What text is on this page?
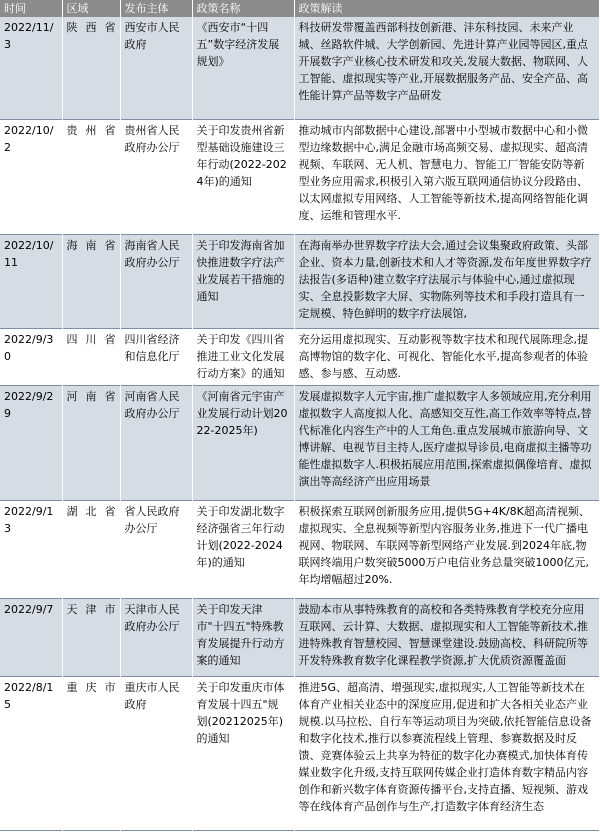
时间	区域	发布主体	政策名称	政策解读
2022/11/3	陕西省	西安市人民政府	《西安市“十四五”数字经济发展规划》	科技研发带覆盖西部科技创新港、沣东科技园、未来产业城、丝路软件城、大学创新园、先进计算产业园等园区,重点开展数字产业核心技术研发和攻关,发展大数据、物联网、人工智能、虚拟现实等产业,开展数据服务产品、安全产品、高性能计算产品等数字产品研发
2022/10/2	贵州省	贵州省人民政府办公厅	关于印发贵州省新型基础设施建设三年行动(2022-2024年)的通知	推动城市内部数据中心建设,部署中小型城市数据中心和小微型边缘数据中心,满足金融市场高频交易、虚拟现实、超高清视频、车联网、无人机、智慧电力、智能工厂智能安防等新型业务应用需求,积极引入第六版互联网通信协议分段路由、以太网虚拟专用网络、人工智能等新技术,提高网络智能化调度、运维和管理水平.
2022/10/11	海南省	海南省人民政府办公厅	关于印发海南省加快推进数字疗法产业发展若干措施的通知	在海南举办世界数字疗法大会,通过会议集聚政府政策、头部企业、资本力量,创新技术和人才等资源,发布年度世界数字疗法报告(多语种)建立数字疗法展示与体验中心,通过虚拟现实、全息投影数字大屏、实物陈列等技术和手段打造具有一定规模、特色鲜明的数字疗法展馆,
2022/9/30	四川省	四川省经济和信息化厅	关于印发《四川省推进工业文化发展行动方案》的通知	充分运用虚拟现实、互动影视等数字技术和现代展陈理念,提高博物馆的数字化、可视化、智能化水平,提高参观者的体验感、参与感、互动感.
2022/9/29	河南省	河南省人民政府办公厅	《河南省元宇宙产业发展行动计划2022-2025年)	发展虚拟数字人元宇宙,推广虚拟数字人多领域应用,充分利用虚拟数字人高度拟人化、高感知交互性,高工作效率等特点,替代标准化内容生产中的人工角色.重点发展城市旅游向导、文博讲解、电视节目主持人,医疗虚拟导诊员,电商虚拟主播等功能性虚拟数字人.积极拓展应用范围,探索虚拟偶像培育、虚拟演出等高经济产出应用场景
2022/9/13	湖北省	省人民政府办公厅	关于印发湖北数字经济强省三年行动计划(2022-2024年)的通知	积极探索互联网创新服务应用,提供5G+4K/8K超高清视频、虚拟现实、全息视频等新型内容服务业务,推进下一代广播电视网、物联网、车联网等新型网络产业发展.到2024年底,物联网终端用户数突破5000万户电信业务总量突破1000亿元,年均增幅超过20%.
2022/9/7	天津市	天津市人民政府办公厅	关于印发天津市"十四五"特殊教育发展提升行动方案的通知	鼓励本市从事特殊教育的高校和各类特殊教育学校充分应用互联网、云计算、大数据、虚拟现实和人工智能等新技术,推进特殊教育智慧校园、智慧课堂建设.鼓励高校、科研院所等开发特殊教育数字化课程教学资源,扩大优质资源覆盖面
2022/8/15	重庆市	重庆市人民政府	关于印发重庆市体育发展十四五"规划(20212025年)的通知	推进5G、超高清、增强现实,虚拟现实,人工智能等新技术在体育产业相关业态中的深度应用,促进和扩大各相关业态产业规模.以马拉松、自行车等运动项目为突破,依托智能信息设备和数字化技术,推行以参赛流程线上管理、参赛数据及时反馈、竞赛体验云上共享为特征的数字化办赛模式,加快体育传媒业数字化升级,支持互联网传媒企业打造体育数字精品内容创作和新兴数字体育资源传播平台,支持直播、短视频、游戏等在线体育产品创作与生产,打造数字体育经济生态
